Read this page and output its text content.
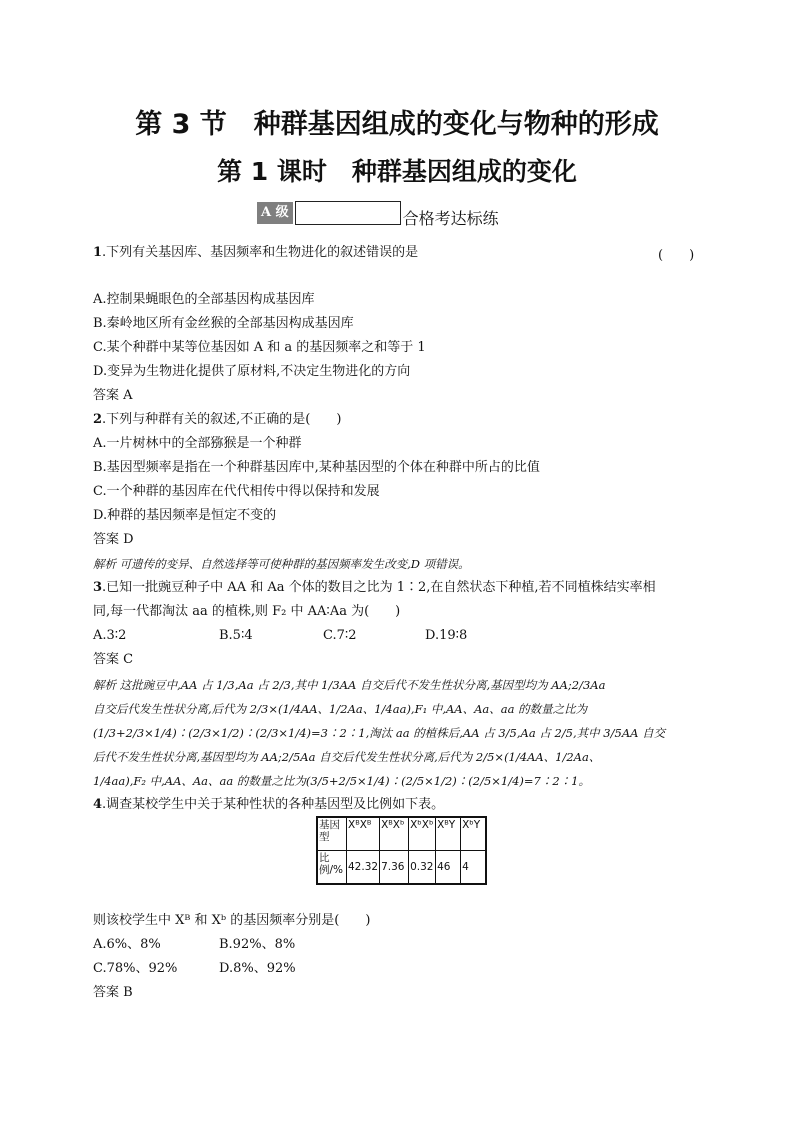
第 3 节　种群基因组成的变化与物种的形成
第 1 课时　种群基因组成的变化
A 级	合格考达标练
1.下列有关基因库、基因频率和生物进化的叙述错误的是	(　　)
A.控制果蝇眼色的全部基因构成基因库
B.秦岭地区所有金丝猴的全部基因构成基因库
C.某个种群中某等位基因如 A 和 a 的基因频率之和等于 1
D.变异为生物进化提供了原材料,不决定生物进化的方向
答案 A
2.下列与种群有关的叙述,不正确的是(　　)
A.一片树林中的全部猕猴是一个种群
B.基因型频率是指在一个种群基因库中,某种基因型的个体在种群中所占的比值
C.一个种群的基因库在代代相传中得以保持和发展
D.种群的基因频率是恒定不变的
答案 D
解析 可遗传的变异、自然选择等可使种群的基因频率发生改变,D 项错误。
3.已知一批豌豆种子中 AA 和 Aa 个体的数目之比为 1∶2,在自然状态下种植,若不同植株结实率相
同,每一代都淘汰 aa 的植株,则 F₂ 中 AA∶Aa 为(　　)
A.3∶2	B.5∶4	C.7∶2	D.19∶8
答案 C
解析 这批豌豆中,AA 占 1/3,Aa 占 2/3,其中 1/3AA 自交后代不发生性状分离,基因型均为 AA;2/3Aa
自交后代发生性状分离,后代为 2/3×(1/4AA、1/2Aa、1/4aa),F₁ 中,AA、Aa、aa 的数量之比为
(1/3+2/3×1/4)∶(2/3×1/2)∶(2/3×1/4)=3∶2∶1,淘汰 aa 的植株后,AA 占 3/5,Aa 占 2/5,其中 3/5AA 自交
后代不发生性状分离,基因型均为 AA;2/5Aa 自交后代发生性状分离,后代为 2/5×(1/4AA、1/2Aa、
1/4aa),F₂ 中,AA、Aa、aa 的数量之比为(3/5+2/5×1/4)∶(2/5×1/2)∶(2/5×1/4)=7∶2∶1。
4.调查某校学生中关于某种性状的各种基因型及比例如下表。
基因型	XᴮXᴮ	XᴮXᵇ	XᵇXᵇ	XᴮY	XᵇY
比例/%	42.32	7.36	0.32	46	4
则该校学生中 Xᴮ 和 Xᵇ 的基因频率分别是(　　)
A.6%、8%	B.92%、8%
C.78%、92%	D.8%、92%
答案 B
